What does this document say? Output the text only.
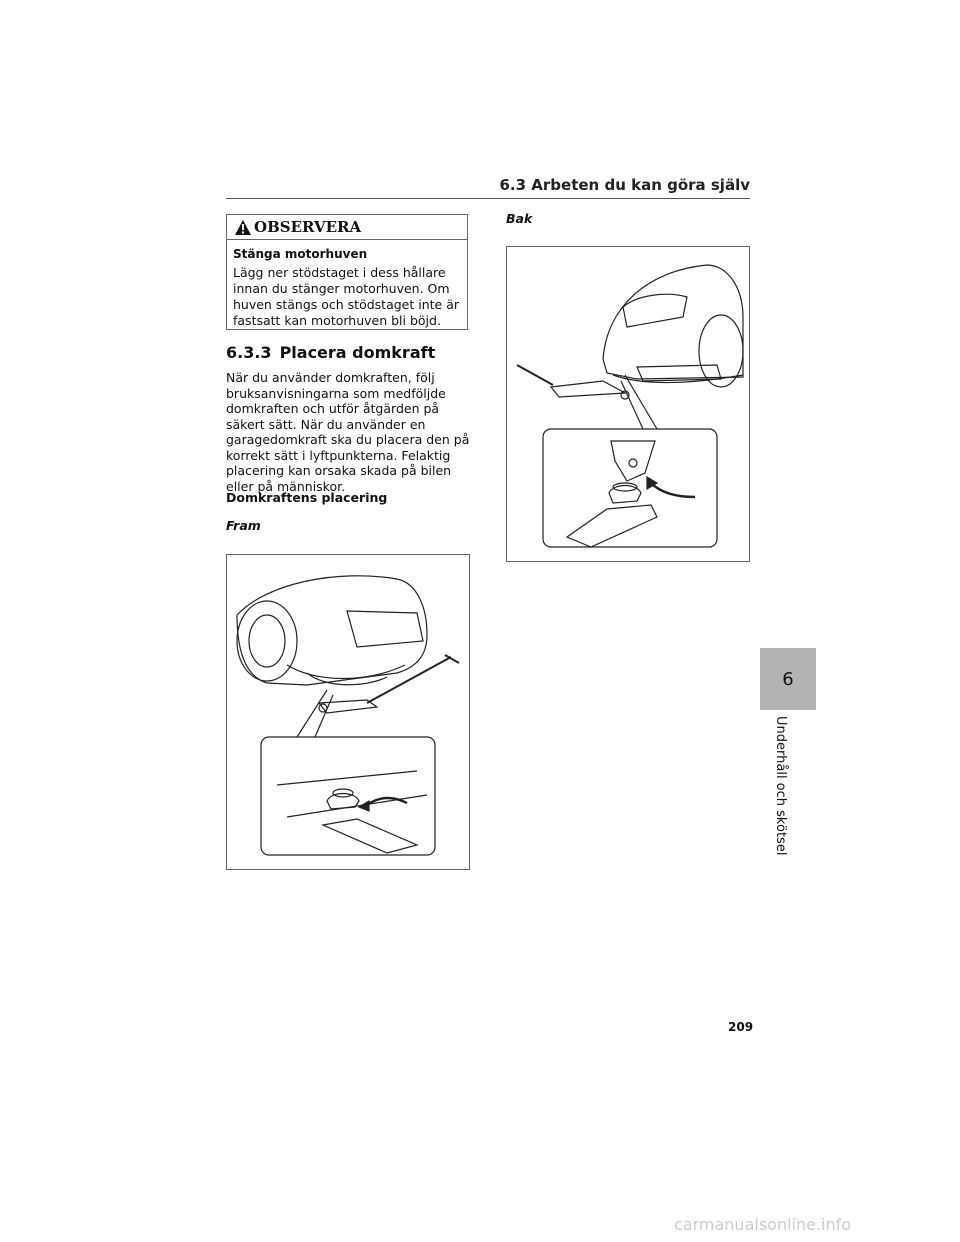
6.3 Arbeten du kan göra själv
OBSERVERA
Stänga motorhuven
Lägg ner stödstaget i dess hållare innan du stänger motorhuven. Om huven stängs och stödstaget inte är fastsatt kan motorhuven bli böjd.
6.3.3 Placera domkraft
När du använder domkraften, följ bruksanvisningarna som medföljde domkraften och utför åtgärden på säkert sätt. När du använder en garagedomkraft ska du placera den på korrekt sätt i lyftpunkterna. Felaktig placering kan orsaka skada på bilen eller på människor.
Domkraftens placering
Fram
Bak
6
Underhåll och skötsel
209
carmanualsonline.info
